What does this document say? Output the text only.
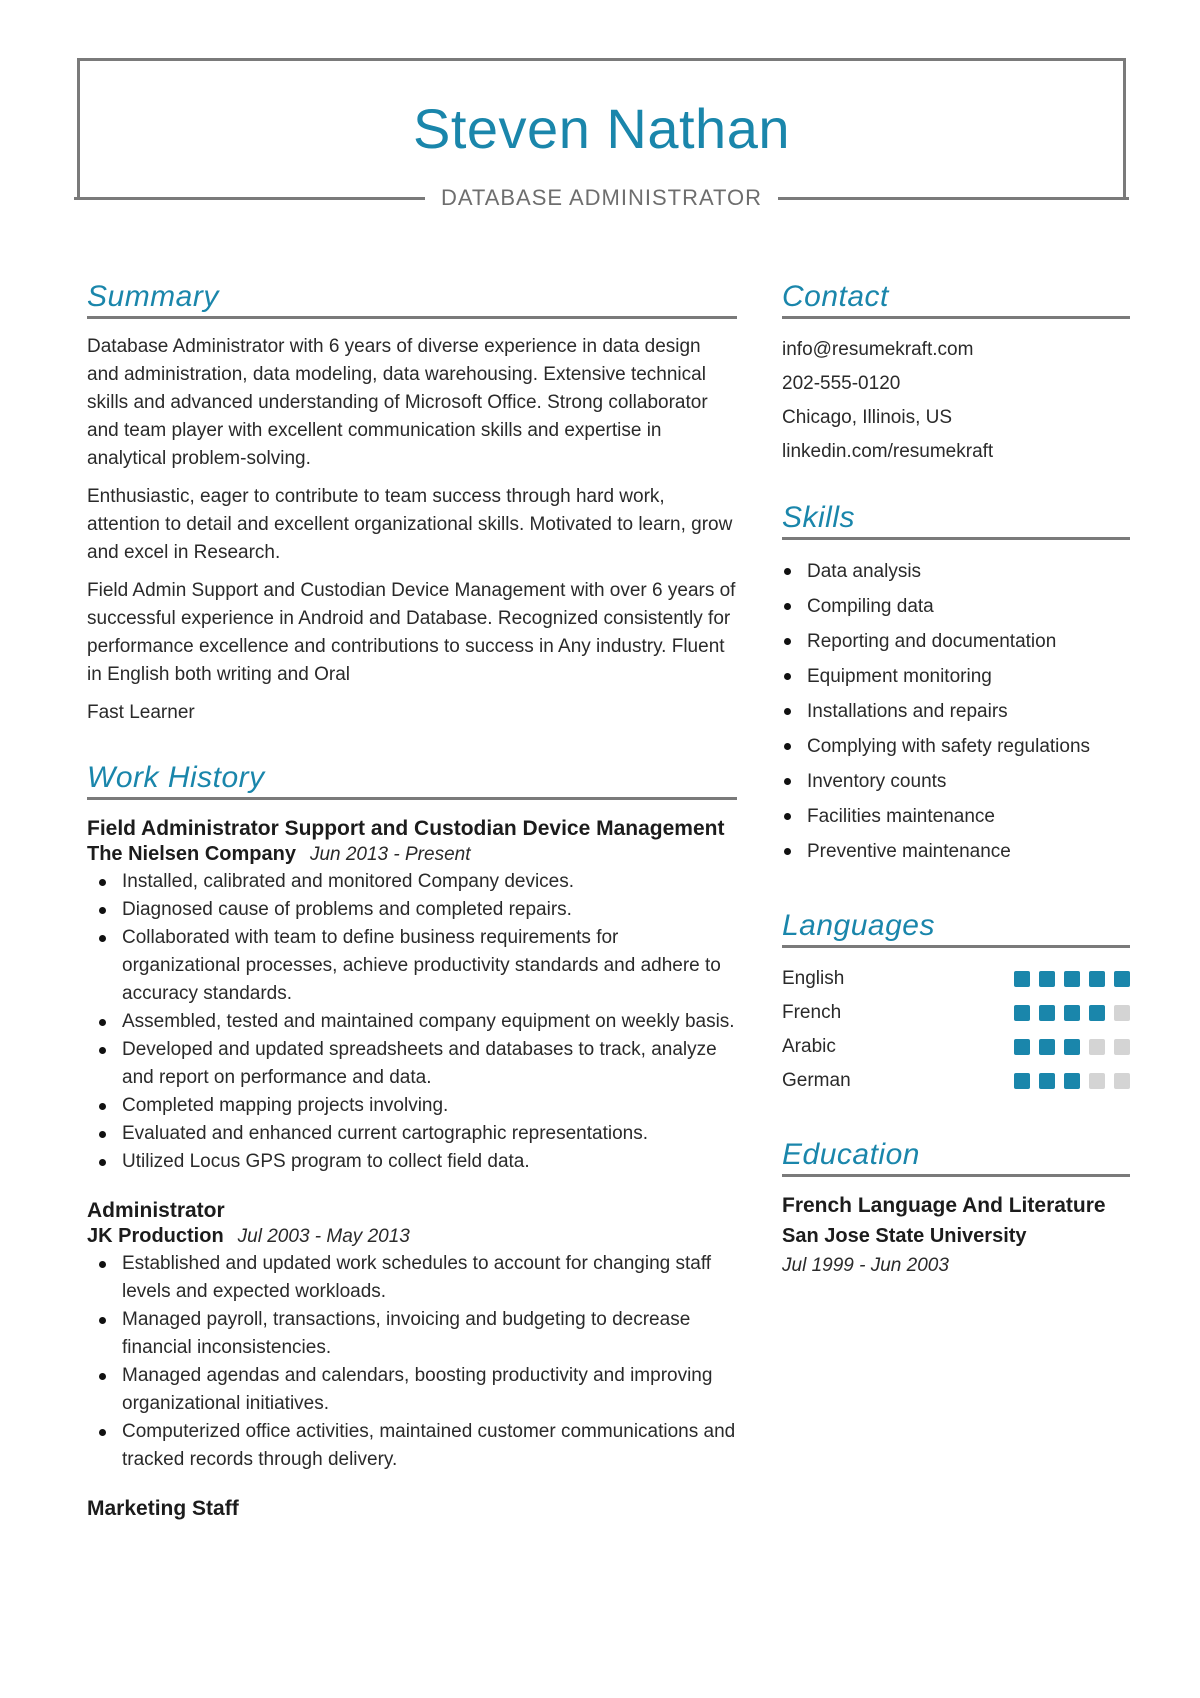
Steven Nathan
DATABASE ADMINISTRATOR
Summary

Database Administrator with 6 years of diverse experience in data design and administration, data modeling, data warehousing. Extensive technical skills and advanced understanding of Microsoft Office. Strong collaborator and team player with excellent communication skills and expertise in analytical problem-solving.

Enthusiastic, eager to contribute to team success through hard work, attention to detail and excellent organizational skills. Motivated to learn, grow and excel in Research.

Field Admin Support and Custodian Device Management with over 6 years of successful experience in Android and Database. Recognized consistently for performance excellence and contributions to success in Any industry. Fluent in English both writing and Oral

Fast Learner

Work History
Field Administrator Support and Custodian Device Management
The Nielsen Company Jun 2013 - Present
Installed, calibrated and monitored Company devices.
Diagnosed cause of problems and completed repairs.
Collaborated with team to define business requirements for organizational processes, achieve productivity standards and adhere to accuracy standards.
Assembled, tested and maintained company equipment on weekly basis.
Developed and updated spreadsheets and databases to track, analyze and report on performance and data.
Completed mapping projects involving.
Evaluated and enhanced current cartographic representations.
Utilized Locus GPS program to collect field data.
Administrator
JK Production Jul 2003 - May 2013
Established and updated work schedules to account for changing staff levels and expected workloads.
Managed payroll, transactions, invoicing and budgeting to decrease financial inconsistencies.
Managed agendas and calendars, boosting productivity and improving organizational initiatives.
Computerized office activities, maintained customer communications and tracked records through delivery.
Marketing Staff
Contact
info@resumekraft.com
202-555-0120
Chicago, Illinois, US
linkedin.com/resumekraft
Skills
Data analysis
Compiling data
Reporting and documentation
Equipment monitoring
Installations and repairs
Complying with safety regulations
Inventory counts
Facilities maintenance
Preventive maintenance
Languages
English
French
Arabic
German
Education
French Language And Literature
San Jose State University
Jul 1999 - Jun 2003
